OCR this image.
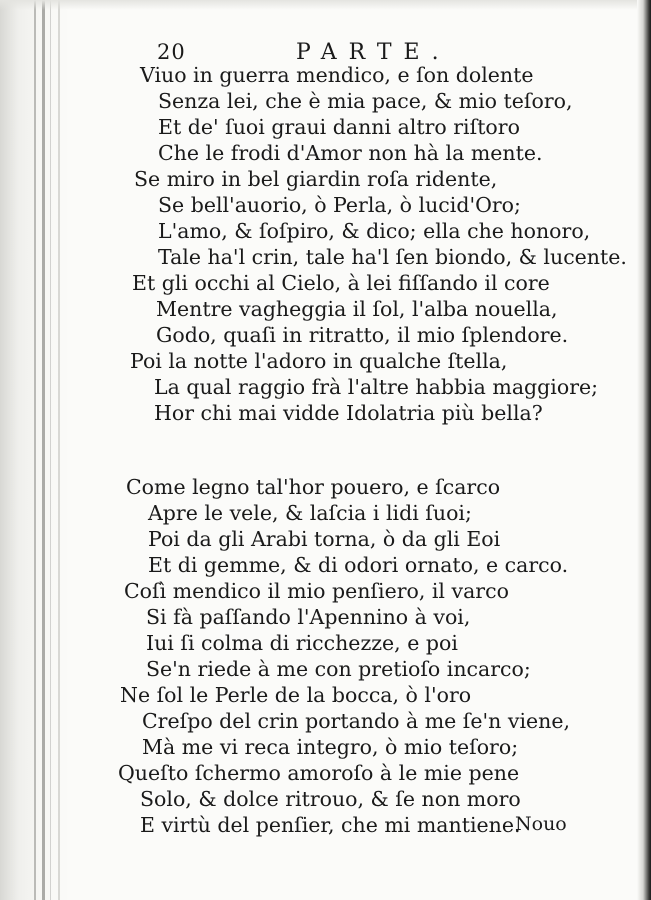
20	PARTE.
Viuo in guerra mendico, e ſon dolente
Senza lei, che è mia pace, & mio teſoro,
Et de' ſuoi graui danni altro riſtoro
Che le frodi d'Amor non hà la mente.
Se miro in bel giardin roſa ridente,
Se bell'auorio, ò Perla, ò lucid'Oro;
L'amo, & ſoſpiro, & dico; ella che honoro,
Tale ha'l crin, tale ha'l ſen biondo, & lucente.
Et gli occhi al Cielo, à lei fiſſando il core
Mentre vagheggia il ſol, l'alba nouella,
Godo, quaſi in ritratto, il mio ſplendore.
Poi la notte l'adoro in qualche ſtella,
La qual raggio frà l'altre habbia maggiore;
Hor chi mai vidde Idolatria più bella?
Come legno tal'hor pouero, e ſcarco
Apre le vele, & laſcia i lidi ſuoi;
Poi da gli Arabi torna, ò da gli Eoi
Et di gemme, & di odori ornato, e carco.
Coſì mendico il mio penſiero, il varco
Si fà paſſando l'Apennino à voi,
Iui ſi colma di ricchezze, e poi
Se'n riede à me con pretioſo incarco;
Ne ſol le Perle de la bocca, ò l'oro
Creſpo del crin portando à me ſe'n viene,
Mà me vi reca integro, ò mio teſoro;
Queſto ſchermo amoroſo à le mie pene
Solo, & dolce ritrouo, & ſe non moro
E virtù del penſier, che mi mantiene.
Nouo
